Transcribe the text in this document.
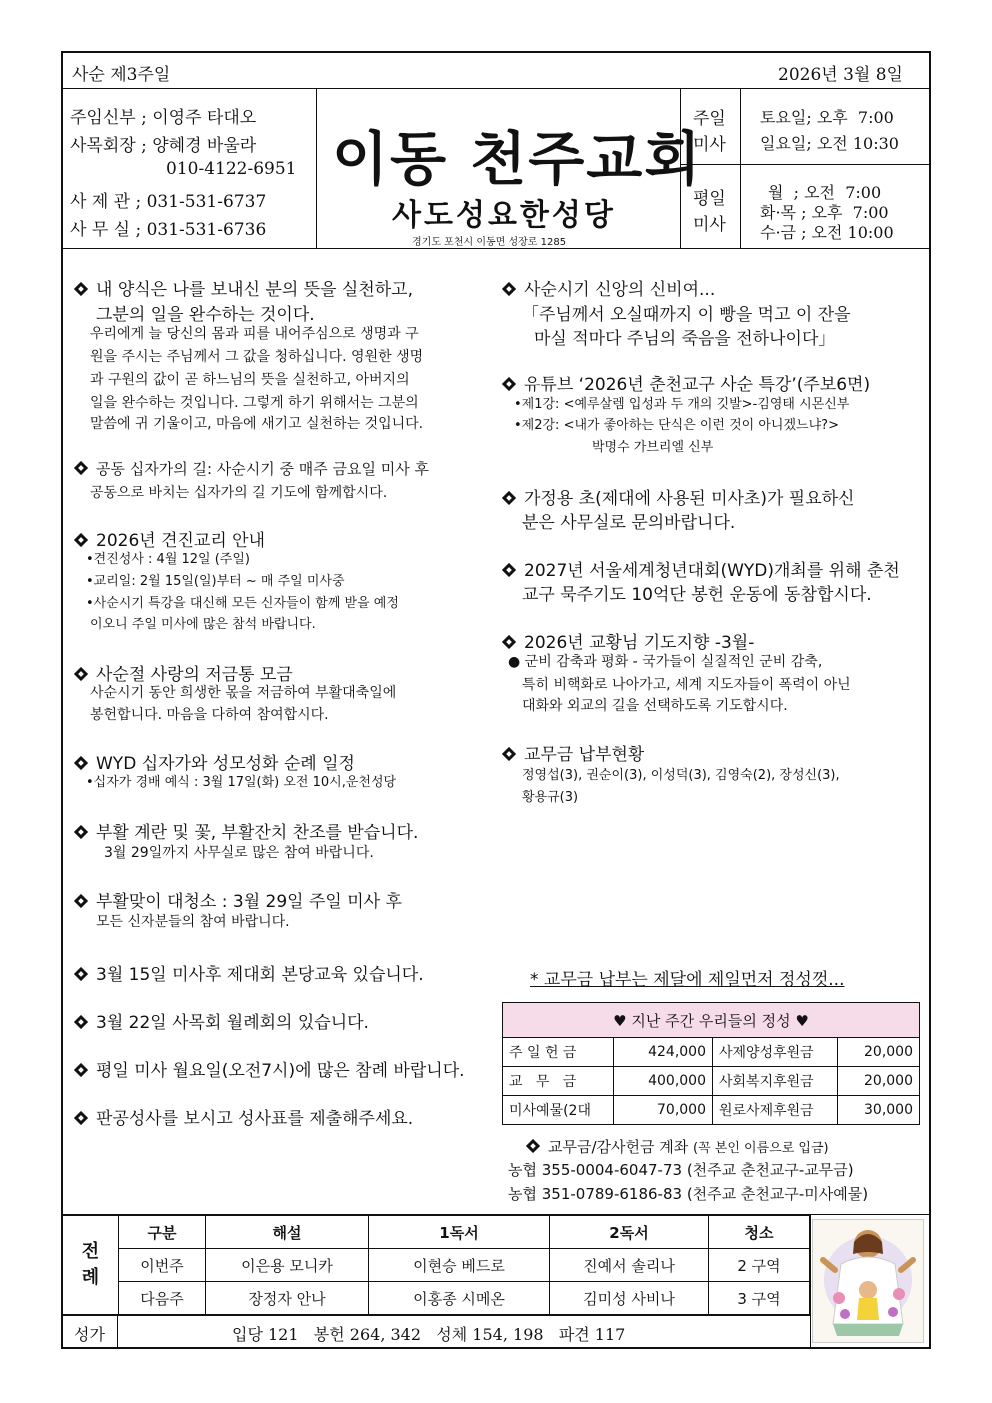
사순 제3주일	2026년 3월 8일
주임신부 ; 이영주 타대오
사목회장 ; 양혜경 바울라
010-4122-6951
사 제 관 ; 031-531-6737
사 무 실 ; 031-531-6736
이동 천주교회
사도성요한성당
경기도 포천시 이동면 성장로 1285
주일
미사
토요일; 오후  7:00
일요일; 오전 10:30
평일
미사
월  ; 오전  7:00
화·목 ; 오후  7:00
수·금 ; 오전 10:00
내 양식은 나를 보내신 분의 뜻을 실천하고,
그분의 일을 완수하는 것이다.
우리에게 늘 당신의 몸과 피를 내어주심으로 생명과 구
원을 주시는 주님께서 그 값을 청하십니다. 영원한 생명
과 구원의 값이 곧 하느님의 뜻을 실천하고, 아버지의
일을 완수하는 것입니다. 그렇게 하기 위해서는 그분의
말씀에 귀 기울이고, 마음에 새기고 실천하는 것입니다.
공동 십자가의 길: 사순시기 중 매주 금요일 미사 후
공동으로 바치는 십자가의 길 기도에 함께합시다.
2026년 견진교리 안내
•견진성사 : 4월 12일 (주일)
•교리일: 2월 15일(일)부터 ~ 매 주일 미사중
•사순시기 특강을 대신해 모든 신자들이 함께 받을 예정
이오니 주일 미사에 많은 참석 바랍니다.
사순절 사랑의 저금통 모금
사순시기 동안 희생한 몫을 저금하여 부활대축일에
봉헌합니다. 마음을 다하여 참여합시다.
WYD 십자가와 성모성화 순례 일정
•십자가 경배 예식 : 3월 17일(화) 오전 10시,운천성당
부활 계란 및 꽃, 부활잔치 찬조를 받습니다.
3월 29일까지 사무실로 많은 참여 바랍니다.
부활맞이 대청소 : 3월 29일 주일 미사 후
모든 신자분들의 참여 바랍니다.
3월 15일 미사후 제대회 본당교육 있습니다.
3월 22일 사목회 월례회의 있습니다.
평일 미사 월요일(오전7시)에 많은 참례 바랍니다.
판공성사를 보시고 성사표를 제출해주세요.
사순시기 신앙의 신비여...
「주님께서 오실때까지 이 빵을 먹고 이 잔을
마실 적마다 주님의 죽음을 전하나이다」
유튜브 ‘2026년 춘천교구 사순 특강’(주보6면)
•제1강: <예루살렘 입성과 두 개의 깃발>-김영태 시몬신부
•제2강: <내가 좋아하는 단식은 이런 것이 아니겠느냐?>
박명수 가브리엘 신부
가정용 초(제대에 사용된 미사초)가 필요하신
분은 사무실로 문의바랍니다.
2027년 서울세계청년대회(WYD)개최를 위해 춘천
교구 묵주기도 10억단 봉헌 운동에 동참합시다.
2026년 교황님 기도지향 -3월-
● 군비 감축과 평화 - 국가들이 실질적인 군비 감축,
특히 비핵화로 나아가고, 세계 지도자들이 폭력이 아닌
대화와 외교의 길을 선택하도록 기도합시다.
교무금 납부현황
정영섭(3), 권순이(3), 이성덕(3), 김영숙(2), 장성신(3),
황용규(3)
* 교무금 납부는 제달에 제일먼저 정성껏...
♥ 지난 주간 우리들의 정성 ♥			
주 일 헌 금	424,000	사제양성후원금	20,000
교   무   금	400,000	사회복지후원금	20,000
미사예물(2대	70,000	원로사제후원금	30,000
교무금/감사헌금 계좌 (꼭 본인 이름으로 입금)
농협 355-0004-6047-73 (천주교 춘천교구-교무금)
농협 351-0789-6186-83 (천주교 춘천교구-미사예물)
전
례	구분	해설	1독서	2독서	청소
	이번주	이은용 모니카	이현승 베드로	진예서 솔리나	2 구역
	다음주	장정자 안나	이홍종 시메온	김미성 사비나	3 구역
성가	입당 121   봉헌 264, 342   성체 154, 198   파견 117
